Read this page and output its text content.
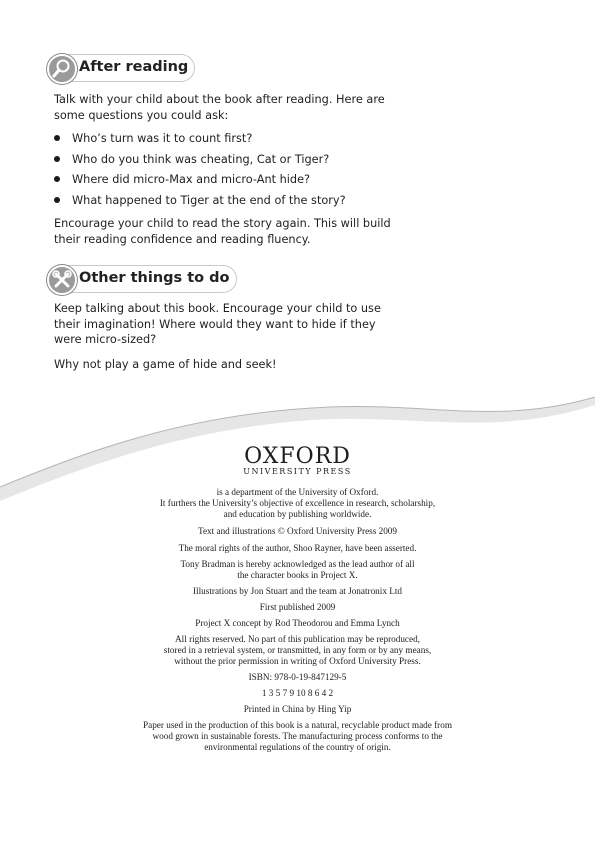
After reading

Talk with your child about the book after reading. Here are
some questions you could ask:

Who’s turn was it to count first?
Who do you think was cheating, Cat or Tiger?
Where did micro-Max and micro-Ant hide?
What happened to Tiger at the end of the story?

Encourage your child to read the story again. This will build
their reading confidence and reading fluency.

Other things to do

Keep talking about this book. Encourage your child to use
their imagination! Where would they want to hide if they
were micro-sized?

Why not play a game of hide and seek!

OXFORD
UNIVERSITY PRESS

is a department of the University of Oxford.

It furthers the University’s objective of excellence in research, scholarship,

and education by publishing worldwide.

Text and illustrations © Oxford University Press 2009

The moral rights of the author, Shoo Rayner, have been asserted.

Tony Bradman is hereby acknowledged as the lead author of all

the character books in Project X.

Illustrations by Jon Stuart and the team at Jonatronix Ltd

First published 2009

Project X concept by Rod Theodorou and Emma Lynch

All rights reserved. No part of this publication may be reproduced,

stored in a retrieval system, or transmitted, in any form or by any means,

without the prior permission in writing of Oxford University Press.

ISBN: 978-0-19-847129-5

1 3 5 7 9 10 8 6 4 2

Printed in China by Hing Yip

Paper used in the production of this book is a natural, recyclable product made from

wood grown in sustainable forests. The manufacturing process conforms to the

environmental regulations of the country of origin.
